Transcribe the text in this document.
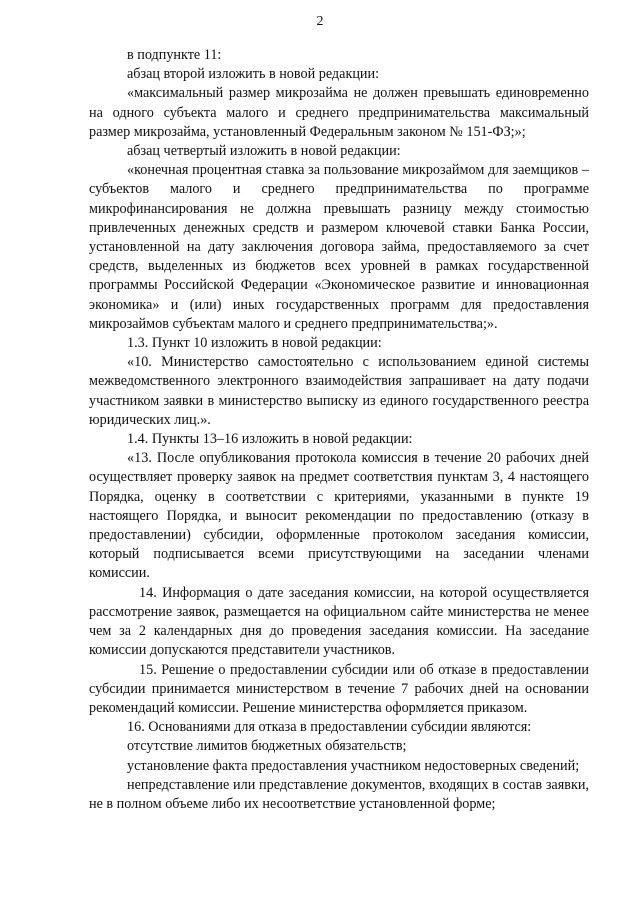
2

в подпункте 11:

абзац второй изложить в новой редакции:

«максимальный размер микрозайма не должен превышать единовременно на одного субъекта малого и среднего предпринимательства максимальный размер микрозайма, установленный Федеральным законом № 151-ФЗ;»;

абзац четвертый изложить в новой редакции:

«конечная процентная ставка за пользование микрозаймом для заемщиков – субъектов малого и среднего предпринимательства по программе микрофинансирования не должна превышать разницу между стоимостью привлеченных денежных средств и размером ключевой ставки Банка России, установленной на дату заключения договора займа, предоставляемого за счет средств, выделенных из бюджетов всех уровней в рамках государственной программы Российской Федерации «Экономическое развитие и инновационная экономика» и (или) иных государственных программ для предоставления микрозаймов субъектам малого и среднего предпринимательства;».

1.3. Пункт 10 изложить в новой редакции:

«10. Министерство самостоятельно с использованием единой системы межведомственного электронного взаимодействия запрашивает на дату подачи участником заявки в министерство выписку из единого государственного реестра юридических лиц.».

1.4. Пункты 13–16 изложить в новой редакции:

«13. После опубликования протокола комиссия в течение 20 рабочих дней осуществляет проверку заявок на предмет соответствия пунктам 3, 4 настоящего Порядка, оценку в соответствии с критериями, указанными в пункте 19 настоящего Порядка, и выносит рекомендации по предоставлению (отказу в предоставлении) субсидии, оформленные протоколом заседания комиссии, который подписывается всеми присутствующими на заседании членами комиссии.

14. Информация о дате заседания комиссии, на которой осуществляется рассмотрение заявок, размещается на официальном сайте министерства не менее чем за 2 календарных дня до проведения заседания комиссии. На заседание комиссии допускаются представители участников.

15. Решение о предоставлении субсидии или об отказе в предоставлении субсидии принимается министерством в течение 7 рабочих дней на основании рекомендаций комиссии. Решение министерства оформляется приказом.

16. Основаниями для отказа в предоставлении субсидии являются:

отсутствие лимитов бюджетных обязательств;

установление факта предоставления участником недостоверных сведений;

непредставление или представление документов, входящих в состав заявки, не в полном объеме либо их несоответствие установленной форме;
